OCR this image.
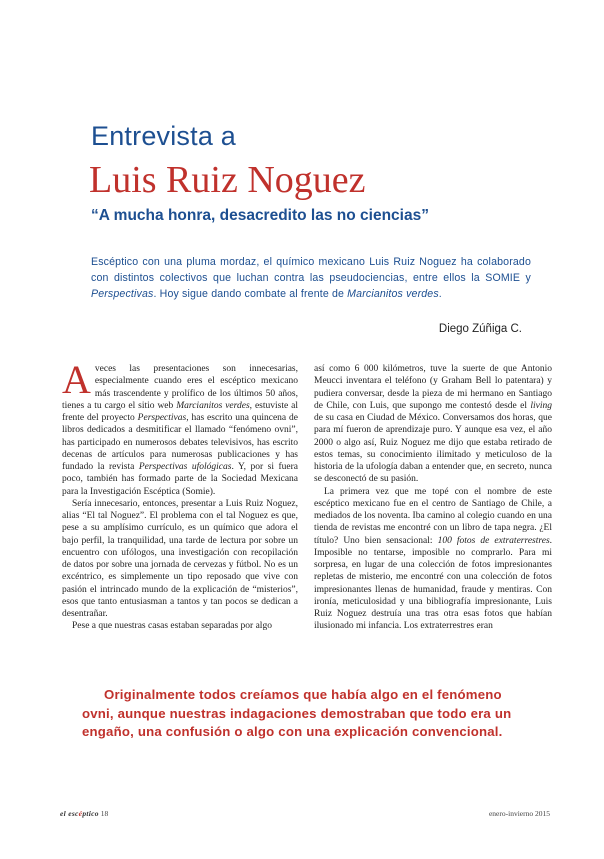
Entrevista a
Luis Ruiz Noguez
“A mucha honra, desacredito las no ciencias”
Escéptico con una pluma mordaz, el químico mexicano Luis Ruiz Noguez ha colaborado con distintos colectivos que luchan contra las pseudociencias, entre ellos la SOMIE y Perspectivas. Hoy sigue dando combate al frente de Marcianitos verdes.
Diego Zúñiga C.

Aveces las presentaciones son innecesarias, especialmente cuando eres el escéptico mexicano más trascendente y prolífico de los últimos 50 años, tienes a tu cargo el sitio web Marcianitos verdes, estuviste al frente del proyecto Perspectivas, has escrito una quincena de libros dedicados a desmitificar el llamado “fenómeno ovni”, has participado en numerosos debates televisivos, has escrito decenas de artículos para numerosas publicaciones y has fundado la revista Perspectivas ufológicas. Y, por si fuera poco, también has formado parte de la Sociedad Mexicana para la Investigación Escéptica (Somie).

Sería innecesario, entonces, presentar a Luis Ruiz Noguez, alias “El tal Noguez”. El problema con el tal Noguez es que, pese a su amplísimo currículo, es un químico que adora el bajo perfil, la tranquilidad, una tarde de lectura por sobre un encuentro con ufólogos, una investigación con recopilación de datos por sobre una jornada de cervezas y fútbol. No es un excéntrico, es simplemente un tipo reposado que vive con pasión el intrincado mundo de la explicación de “misterios”, esos que tanto entusiasman a tantos y tan pocos se dedican a desentrañar.

Pese a que nuestras casas estaban separadas por algo

así como 6 000 kilómetros, tuve la suerte de que Antonio Meucci inventara el teléfono (y Graham Bell lo patentara) y pudiera conversar, desde la pieza de mi hermano en Santiago de Chile, con Luis, que supongo me contestó desde el living de su casa en Ciudad de México. Conversamos dos horas, que para mí fueron de aprendizaje puro. Y aunque esa vez, el año 2000 o algo así, Ruiz Noguez me dijo que estaba retirado de estos temas, su conocimiento ilimitado y meticuloso de la historia de la ufología daban a entender que, en secreto, nunca se desconectó de su pasión.

La primera vez que me topé con el nombre de este escéptico mexicano fue en el centro de Santiago de Chile, a mediados de los noventa. Iba camino al colegio cuando en una tienda de revistas me encontré con un libro de tapa negra. ¿El título? Uno bien sensacional: 100 fotos de extraterrestres. Imposible no tentarse, imposible no comprarlo. Para mi sorpresa, en lugar de una colección de fotos impresionantes repletas de misterio, me encontré con una colección de fotos impresionantes llenas de humanidad, fraude y mentiras. Con ironía, meticulosidad y una bibliografía impresionante, Luis Ruiz Noguez destruía una tras otra esas fotos que habían ilusionado mi infancia. Los extraterrestres eran

Originalmente todos creíamos que había algo en el fenómeno
ovni, aunque nuestras indagaciones demostraban que todo era un
engaño, una confusión o algo con una explicación convencional.
el escéptico 18	enero-invierno 2015
